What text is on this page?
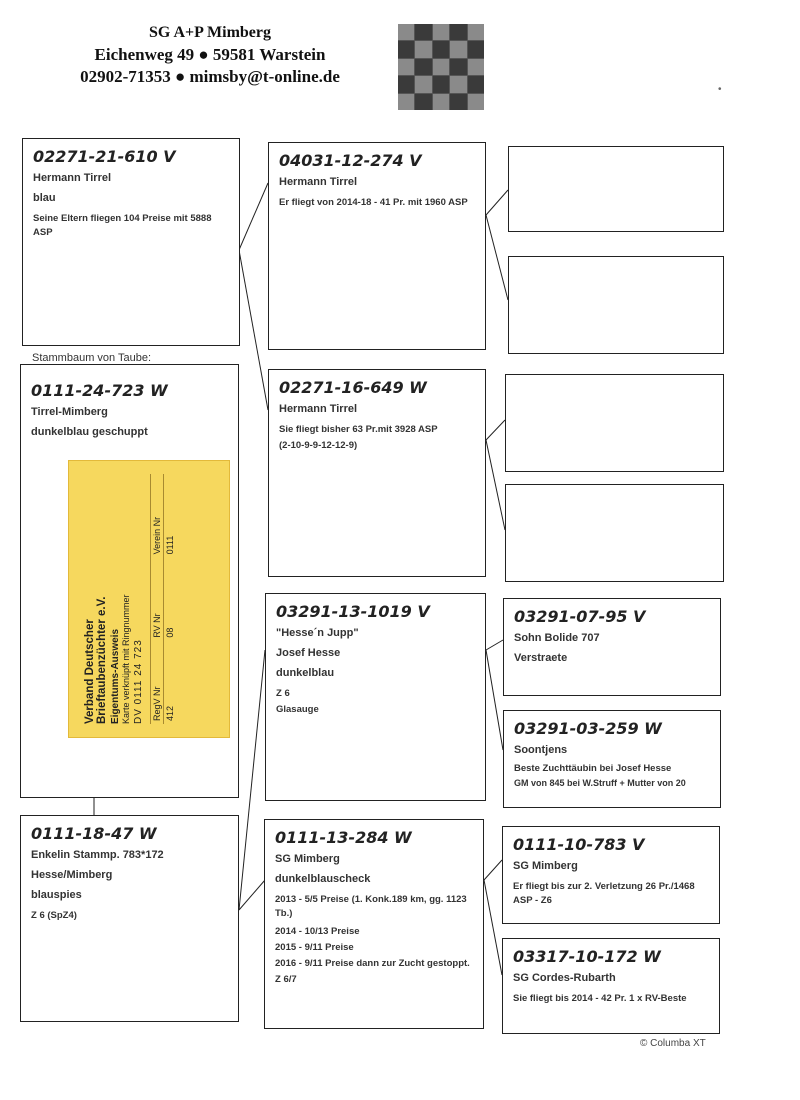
SG A+P Mimberg
Eichenweg 49 ● 59581 Warstein
02902-71353 ● mimsby@t-online.de
•
02271-21-610 V
Hermann Tirrel
blau
Seine Eltern fliegen 104 Preise mit 5888 ASP
0111-24-723 W
Tirrel-Mimberg
dunkelblau geschuppt
Stammbaum von Taube:
Verband Deutscher Brieftaubenzüchter e.V. Eigentums-Ausweis Karte verknüpft mit Ringnummer DV 0111 24 723 RegV Nr
RV Nr
Verein Nr
412
08
0111
0111-18-47 W
Enkelin Stammp. 783*172
Hesse/Mimberg
blauspies
Z 6 (SpZ4)
04031-12-274 V
Hermann Tirrel
Er fliegt von 2014-18 - 41 Pr. mit 1960 ASP
02271-16-649 W
Hermann Tirrel
Sie fliegt bisher 63 Pr.mit 3928 ASP
(2-10-9-9-12-12-9)
03291-13-1019 V
"Hesse´n Jupp"
Josef Hesse
dunkelblau
Z 6
Glasauge
0111-13-284 W
SG Mimberg
dunkelblauscheck
2013 - 5/5 Preise (1. Konk.189 km, gg. 1123 Tb.)
2014 - 10/13 Preise
2015 - 9/11 Preise
2016 - 9/11 Preise dann zur Zucht gestoppt.
Z 6/7
03291-07-95 V
Sohn Bolide 707
Verstraete
03291-03-259 W
Soontjens
Beste Zuchttäubin bei Josef Hesse
GM von 845 bei W.Struff + Mutter von 20
0111-10-783 V
SG Mimberg
Er fliegt bis zur 2. Verletzung 26 Pr./1468 ASP - Z6
03317-10-172 W
SG Cordes-Rubarth
Sie fliegt bis 2014 - 42 Pr. 1 x RV-Beste
© Columba XT
